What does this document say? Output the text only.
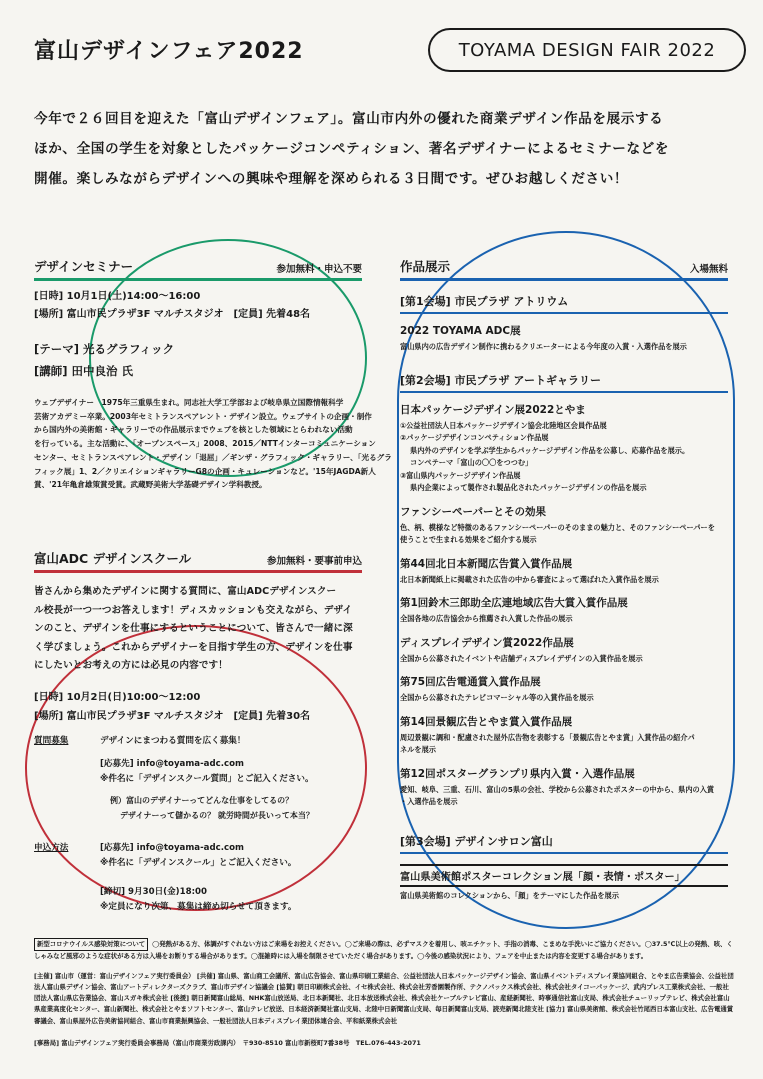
富山デザインフェア2022	TOYAMA DESIGN FAIR 2022

今年で２６回目を迎えた「富山デザインフェア」。富山市内外の優れた商業デザイン作品を展示する

ほか、全国の学生を対象としたパッケージコンペティション、著名デザイナーによるセミナーなどを

開催。楽しみながらデザインへの興味や理解を深められる３日間です。ぜひお越しください！

デザインセミナー	参加無料・申込不要
[日時] 10月1日(土)14:00〜16:00
[場所] 富山市民プラザ3F マルチスタジオ　[定員] 先着48名
[テーマ] 光るグラフィック
[講師] 田中良治 氏
ウェブデザイナー　1975年三重県生まれ。同志社大学工学部および岐阜県立国際情報科学
芸術アカデミー卒業。2003年セミトランスペアレント・デザイン設立。ウェブサイトの企画・制作
から国内外の美術館・ギャラリーでの作品展示までウェブを核とした領域にとらわれない活動
を行っている。主な活動に、「オープンスペース」2008、2015／NTTインターコミュニケーション
センター、セミトランスペアレント・デザイン「退屈」／ギンザ・グラフィック・ギャラリー、「光るグラ
フィック展」1、2／クリエイションギャラリーG8の企画・キュレーションなど。'15年JAGDA新人
賞、'21年亀倉雄策賞受賞。武蔵野美術大学基礎デザイン学科教授。
富山ADC デザインスクール	参加無料・要事前申込
皆さんから集めたデザインに関する質問に、富山ADCデザインスクー
ル校長が一つ一つお答えします！ディスカッションも交えながら、デザイ
ンのこと、デザインを仕事にするということについて、皆さんで一緒に深
く学びましょう。これからデザイナーを目指す学生の方、デザインを仕事
にしたいとお考えの方には必見の内容です！
[日時] 10月2日(日)10:00〜12:00
[場所] 富山市民プラザ3F マルチスタジオ　[定員] 先着30名
質問募集	デザインにまつわる質問を広く募集！
[応募先] info@toyama-adc.com
※件名に「デザインスクール質問」とご記入ください。
例）富山のデザイナーってどんな仕事をしてるの？
デザイナーって儲かるの？ 就労時間が長いって本当？
申込方法	[応募先] info@toyama-adc.com
※件名に「デザインスクール」とご記入ください。
[締切] 9月30日(金)18:00
※定員になり次第、募集は締め切らせて頂きます。
作品展示	入場無料
[第1会場] 市民プラザ アトリウム
2022 TOYAMA ADC展
富山県内の広告デザイン制作に携わるクリエーターによる今年度の入賞・入選作品を展示
[第2会場] 市民プラザ アートギャラリー
日本パッケージデザイン展2022とやま
①公益社団法人日本パッケージデザイン協会北陸地区会員作品展
②パッケージデザインコンペティション作品展
県内外のデザインを学ぶ学生からパッケージデザイン作品を公募し、応募作品を展示。
コンペテーマ「富山の〇〇をつつむ」
③富山県内パッケージデザイン作品展
県内企業によって製作され製品化されたパッケージデザインの作品を展示
ファンシーペーパーとその効果
色、柄、模様など特徴のあるファンシーペーパーのそのままの魅力と、そのファンシーペーパーを
使うことで生まれる効果をご紹介する展示
第44回北日本新聞広告賞入賞作品展
北日本新聞紙上に掲載された広告の中から審査によって選ばれた入賞作品を展示
第1回鈴木三郎助全広連地域広告大賞入賞作品展
全国各地の広告協会から推薦され入賞した作品の展示
ディスプレイデザイン賞2022作品展
全国から公募されたイベントや店舗ディスプレイデザインの入賞作品を展示
第75回広告電通賞入賞作品展
全国から公募されたテレビコマーシャル等の入賞作品を展示
第14回景観広告とやま賞入賞作品展
周辺景観に調和・配慮された屋外広告物を表彰する「景観広告とやま賞」入賞作品の紹介パ
ネルを展示
第12回ポスターグランプリ県内入賞・入選作品展
愛知、岐阜、三重、石川、富山の5県の会社、学校から公募されたポスターの中から、県内の入賞
・入選作品を展示
[第3会場] デザインサロン富山
富山県美術館ポスターコレクション展「顔・表情・ポスター」
富山県美術館のコレクションから、「顔」をテーマにした作品を展示
新型コロナウイルス感染対策について ◯発熱がある方、体調がすぐれない方はご来場をお控えください。◯ご来場の際は、必ずマスクを着用し、咳エチケット、手指の消毒、こまめな手洗いにご協力ください。◯37.5℃以上の発熱、咳、くしゃみなど風邪のような症状がある方は入場をお断りする場合があります。◯混雑時には入場を制限させていただく場合があります。◯今後の感染状況により、フェアを中止または内容を変更する場合があります。
[主催] 富山市（運営：富山デザインフェア実行委員会） [共催] 富山県、富山商工会議所、富山広告協会、富山県印刷工業組合、公益社団法人日本パッケージデザイン協会、富山県イベントディスプレイ業協同組合、とやま広告業協会、公益社団法人富山県デザイン協会、富山アートディレクターズクラブ、富山市デザイン協議会 [協賛] 朝日印刷株式会社、イセ株式会社、株式会社芳香園製作所、テクノパックス株式会社、株式会社タイコーパッケージ、武内プレス工業株式会社、一般社団法人富山県広告業協会、富山スガキ株式会社 [後援] 朝日新聞富山総局、NHK富山放送局、北日本新聞社、北日本放送株式会社、株式会社ケーブルテレビ富山、産経新聞社、時事通信社富山支局、株式会社チューリップテレビ、株式会社富山県産業高度化センター、富山新聞社、株式会社とやまソフトセンター、富山テレビ放送、日本経済新聞社富山支局、北陸中日新聞富山支局、毎日新聞富山支局、読売新聞北陸支社 [協力] 富山県美術館、株式会社竹尾西日本富山支社、広告電通賞審議会、富山県屋外広告美術協同組合、富山市商業振興協会、一般社団法人日本ディスプレイ業団体連合会、平和紙業株式会社
[事務局] 富山デザインフェア実行委員会事務局（富山市商業労政課内）　〒930-8510 富山市新桜町7番38号　TEL.076-443-2071
